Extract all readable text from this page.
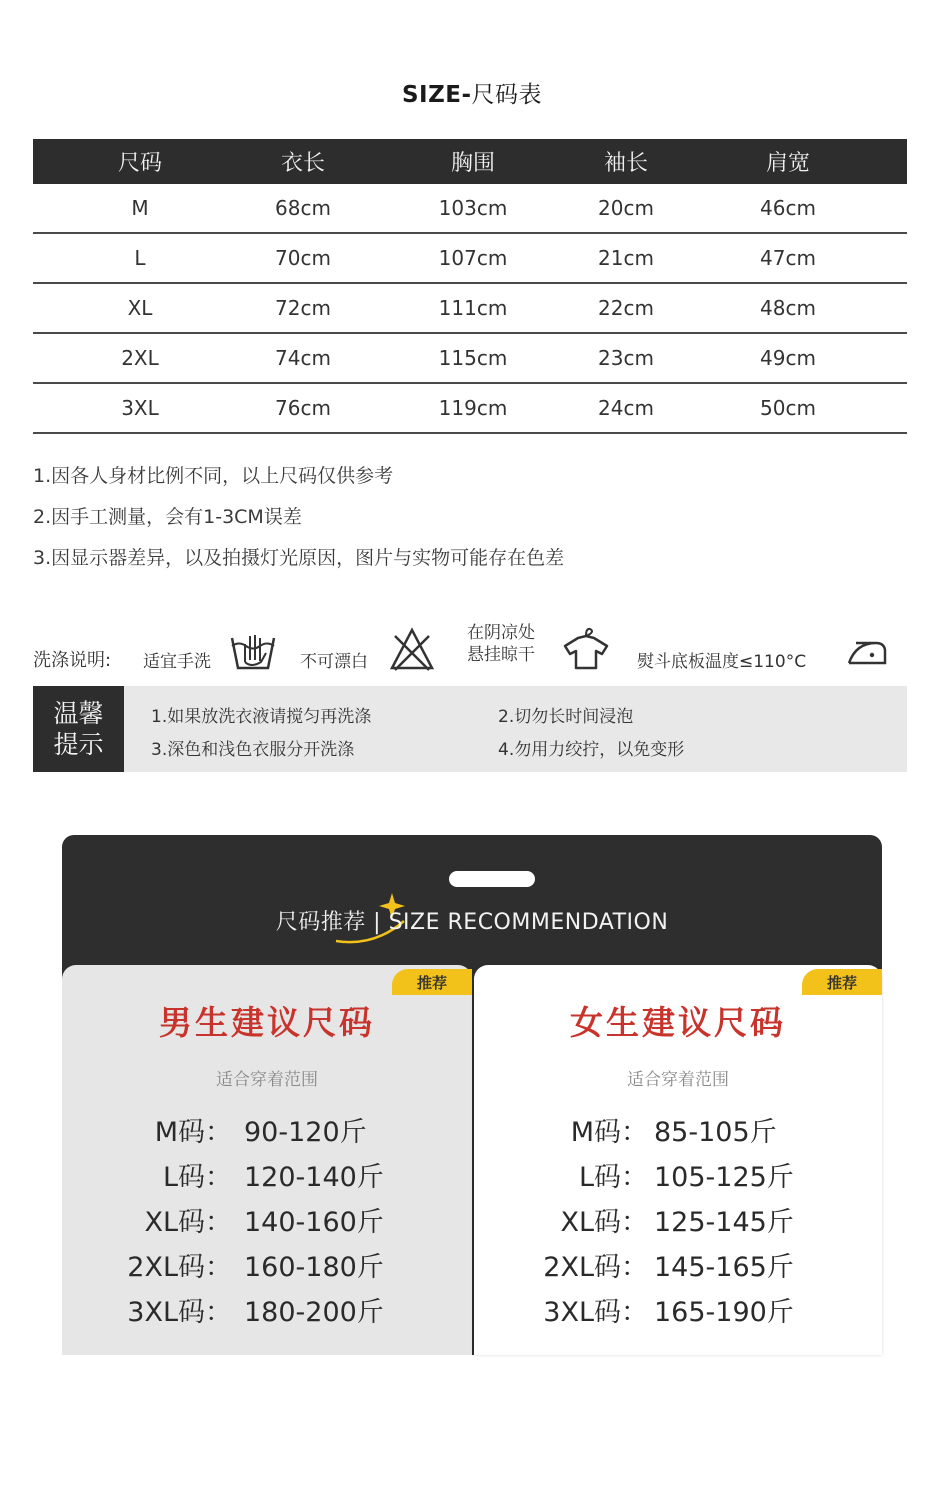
SIZE-尺码表
尺码	衣长	胸围	袖长	肩宽
M	68cm	103cm	20cm	46cm
L	70cm	107cm	21cm	47cm
XL	72cm	111cm	22cm	48cm
2XL	74cm	115cm	23cm	49cm
3XL	76cm	119cm	24cm	50cm
1.因各人身材比例不同，以上尺码仅供参考
2.因手工测量，会有1-3CM误差
3.因显示器差异，以及拍摄灯光原因，图片与实物可能存在色差
洗涤说明: 适宜手洗	不可漂白
在阴凉处
悬挂晾干	熨斗底板温度≤110°C
温馨
提示
1.如果放洗衣液请搅匀再洗涤	2.切勿长时间浸泡
3.深色和浅色衣服分开洗涤	4.勿用力绞拧，以免变形
尺码推荐 | SIZE RECOMMENDATION
推荐
男生建议尺码
适合穿着范围
M码： 90-120斤
L码： 120-140斤
XL码： 140-160斤
2XL码： 160-180斤
3XL码： 180-200斤
推荐
女生建议尺码
适合穿着范围
M码： 85-105斤
L码： 105-125斤
XL码： 125-145斤
2XL码： 145-165斤
3XL码： 165-190斤
